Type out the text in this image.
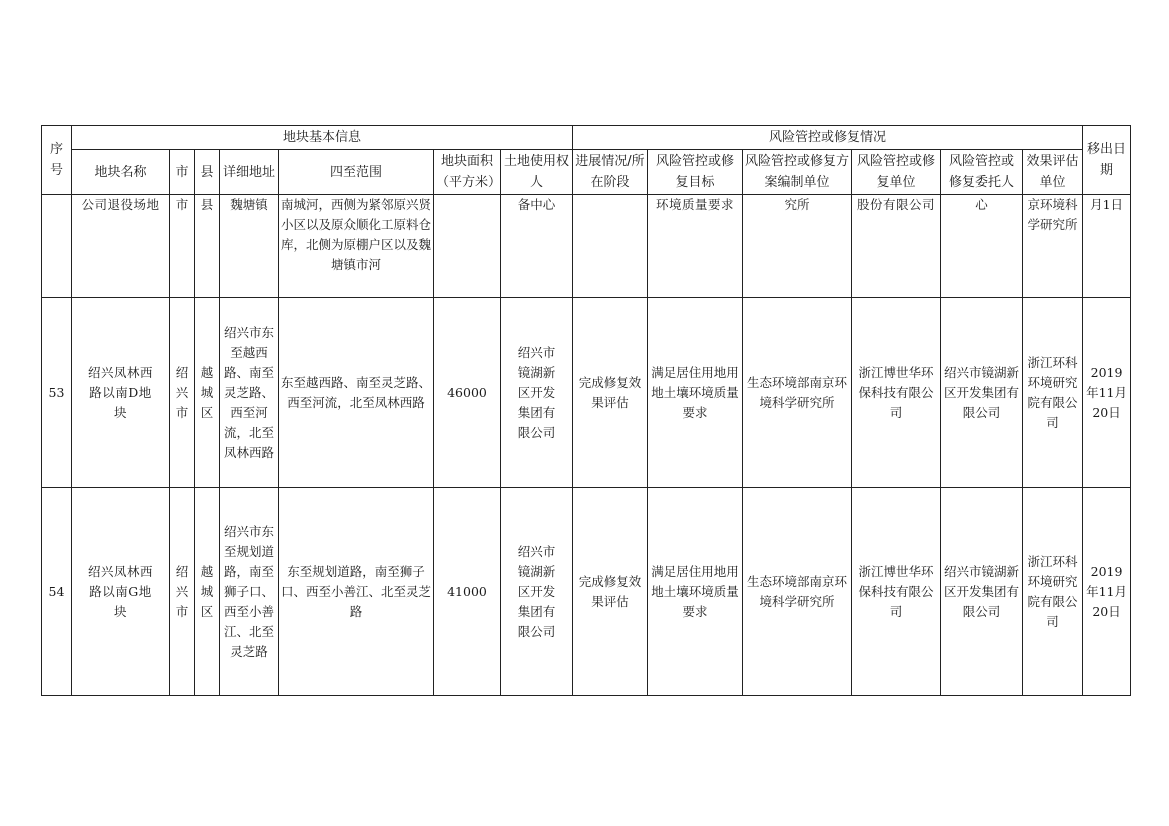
序号	地块基本信息							风险管控或修复情况						移出日期
	地块名称	市	县	详细地址	四至范围	地块面积（平方米）	土地使用权人	进展情况/所在阶段	风险管控或修复目标	风险管控或修复方案编制单位	风险管控或修复单位	风险管控或修复委托人	效果评估单位	
	公司退役场地	市	县	魏塘镇	南城河，西侧为紧邻原兴贤小区以及原众顺化工原料仓库，北侧为原棚户区以及魏塘镇市河		备中心		环境质量要求	究所	股份有限公司	心	京环境科学研究所	月1日
53	绍兴凤林西路以南D地块	绍兴市	越城区	绍兴市东至越西路、南至灵芝路、西至河流，北至凤林西路	东至越西路、南至灵芝路、西至河流，北至凤林西路	46000	绍兴市镜湖新区开发集团有限公司	完成修复效果评估	满足居住用地用地土壤环境质量要求	生态环境部南京环境科学研究所	浙江博世华环保科技有限公司	绍兴市镜湖新区开发集团有限公司	浙江环科环境研究院有限公司	2019年11月20日
54	绍兴凤林西路以南G地块	绍兴市	越城区	绍兴市东至规划道路，南至狮子口、西至小善江、北至灵芝路	东至规划道路，南至狮子口、西至小善江、北至灵芝路	41000	绍兴市镜湖新区开发集团有限公司	完成修复效果评估	满足居住用地用地土壤环境质量要求	生态环境部南京环境科学研究所	浙江博世华环保科技有限公司	绍兴市镜湖新区开发集团有限公司	浙江环科环境研究院有限公司	2019年11月20日
